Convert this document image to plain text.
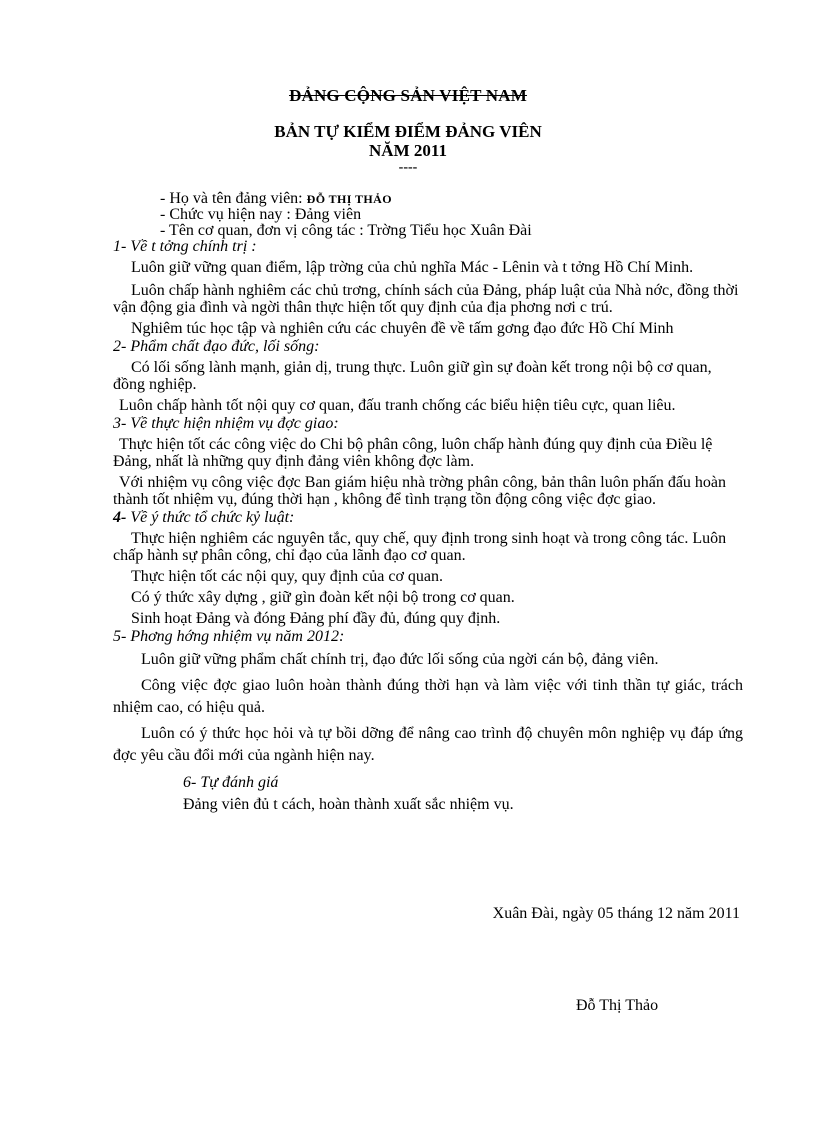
ĐẢNG CỘNG SẢN VIỆT NAM
BẢN TỰ KIỂM ĐIỂM ĐẢNG VIÊN
NĂM 2011
----
- Họ và tên đảng viên: ĐỖ THỊ THẢO
- Chức vụ hiện nay : Đảng viên
- Tên cơ quan, đơn vị công tác : Trờng Tiểu học Xuân Đài
1- Về t tởng chính trị :
Luôn giữ vững quan điểm, lập trờng của chủ nghĩa Mác - Lênin và t tởng Hồ Chí Minh.
Luôn chấp hành nghiêm các chủ trơng, chính sách của Đảng, pháp luật của Nhà nớc, đồng thời vận động gia đình và ngời thân thực hiện tốt quy định của địa phơng nơi c trú.
Nghiêm túc học tập và nghiên cứu các chuyên đề về tấm gơng đạo đức Hồ Chí Minh
2- Phẩm chất đạo đức, lối sống:
Có lối sống lành mạnh, giản dị, trung thực. Luôn giữ gìn sự đoàn kết trong nội bộ cơ quan, đồng nghiệp.
Luôn chấp hành tốt nội quy cơ quan, đấu tranh chống các biểu hiện tiêu cực, quan liêu.
3- Về thực hiện nhiệm vụ đợc giao:
Thực hiện tốt các công việc do Chi bộ phân công, luôn chấp hành đúng quy định của Điều lệ Đảng, nhất là những quy định đảng viên không đợc làm.
Với nhiệm vụ công việc đợc Ban giám hiệu nhà trờng phân công, bản thân luôn phấn đấu hoàn thành tốt nhiệm vụ, đúng thời hạn , không để tình trạng tồn động công việc đợc giao.
4- Về ý thức tổ chức kỷ luật:
Thực hiện nghiêm các nguyên tắc, quy chế, quy định trong sinh hoạt và trong công tác. Luôn chấp hành sự phân công, chỉ đạo của lãnh đạo cơ quan.
Thực hiện tốt các nội quy, quy định của cơ quan.
Có ý thức xây dựng , giữ gìn đoàn kết nội bộ trong cơ quan.
Sinh hoạt Đảng và đóng Đảng phí đầy đủ, đúng quy định.
5- Phơng hớng nhiệm vụ năm 2012:
Luôn giữ vững phẩm chất chính trị, đạo đức lối sống của ngời cán bộ, đảng viên.
Công việc đợc giao luôn hoàn thành đúng thời hạn và làm việc với tinh thần tự giác, trách nhiệm cao, có hiệu quả.
Luôn có ý thức học hỏi và tự bồi dỡng để nâng cao trình độ chuyên môn nghiệp vụ đáp ứng đợc yêu cầu đổi mới của ngành hiện nay.
6- Tự đánh giá
Đảng viên đủ t cách, hoàn thành xuất sắc nhiệm vụ.
Xuân Đài, ngày 05 tháng 12 năm 2011
Đỗ Thị Thảo
